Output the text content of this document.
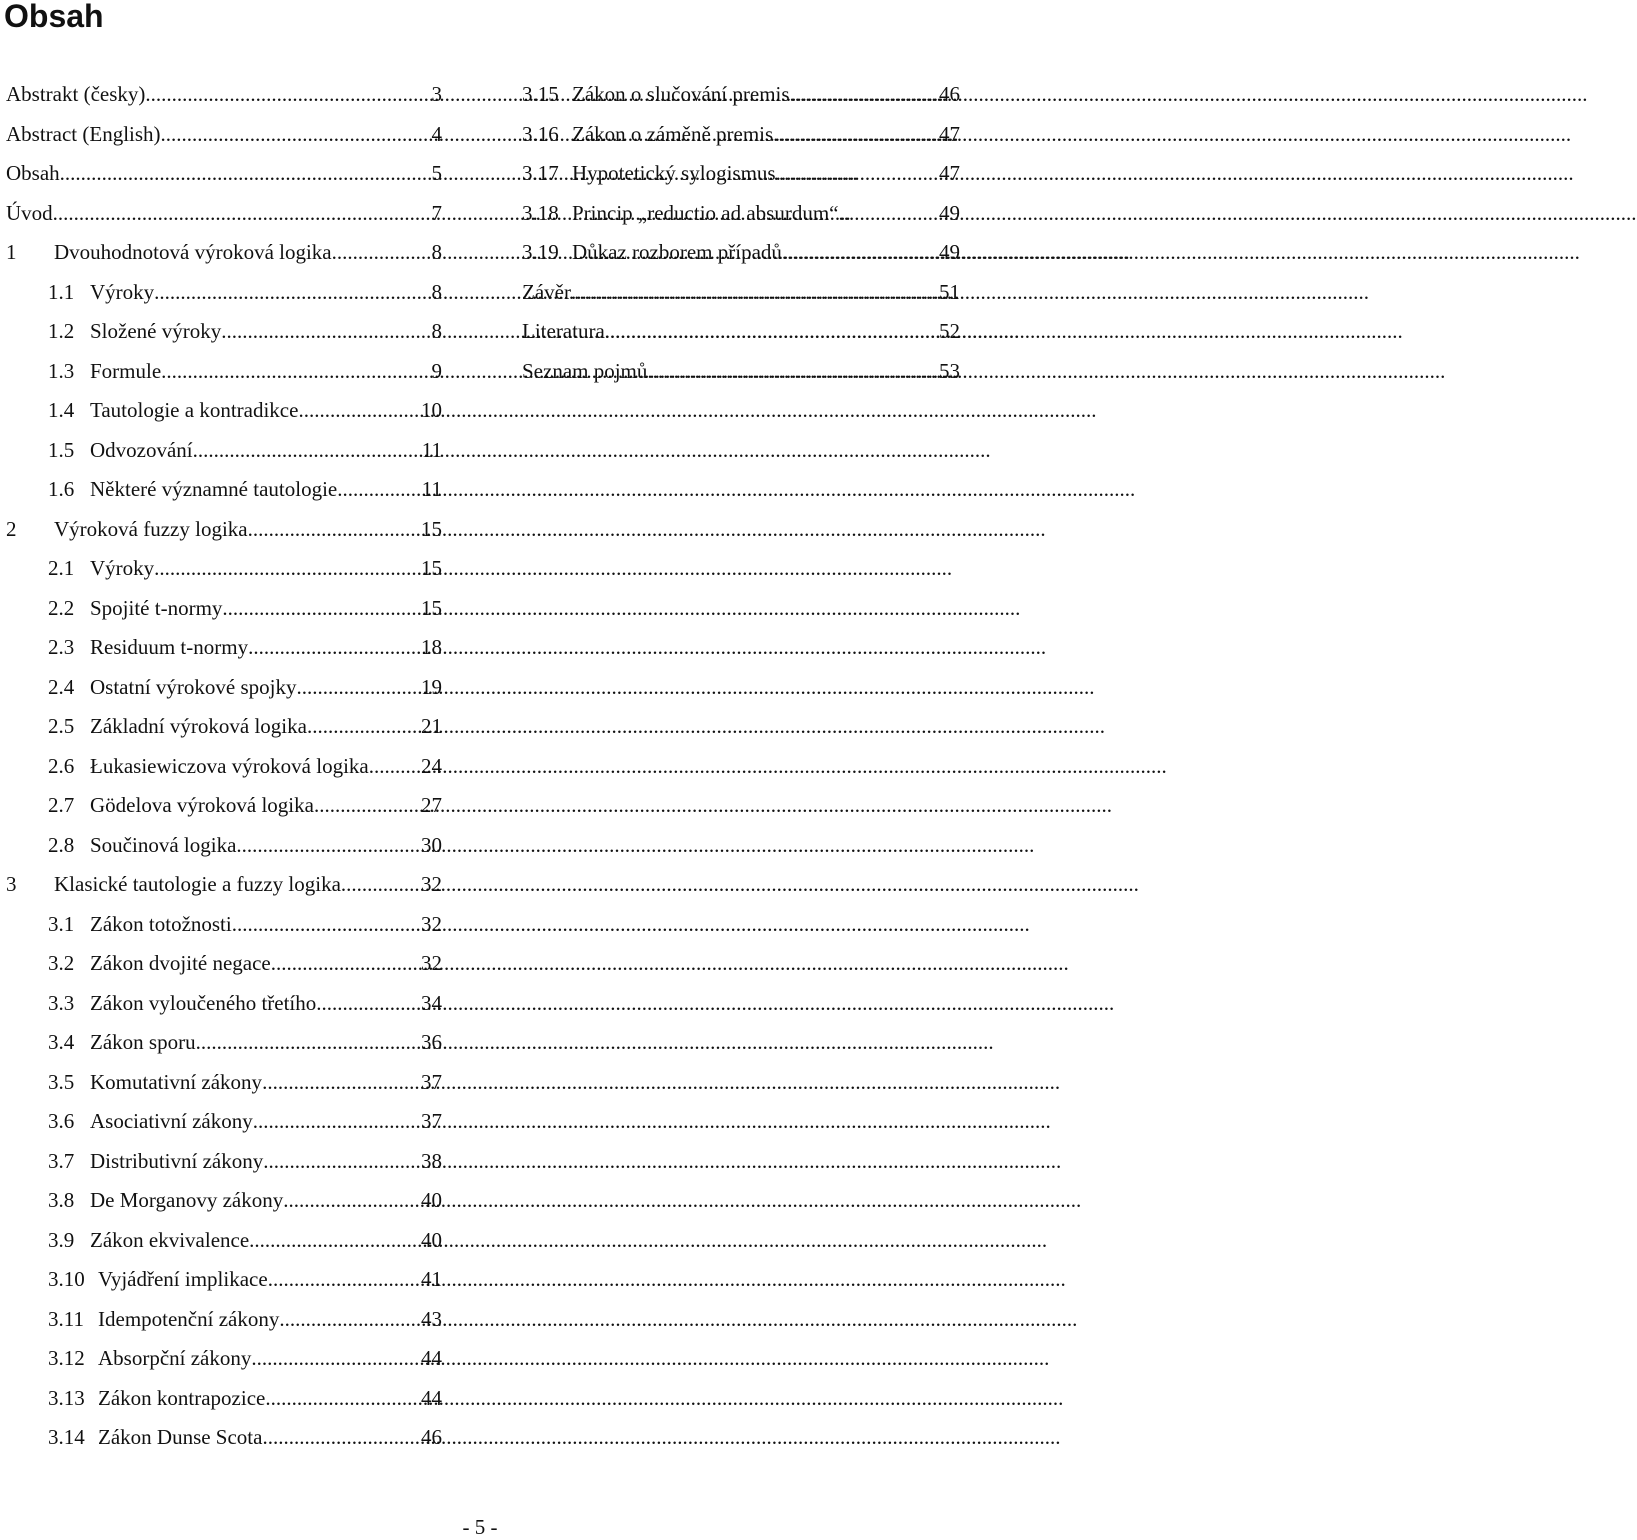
Obsah
Abstrakt (česky) .....	3
Abstract (English) .....	4
Obsah .....	5
Úvod .....	7
1	Dvouhodnotová výroková logika .....	8
1.1 Výroky .....	8
1.2 Složené výroky .....	8
1.3 Formule .....	9
1.4 Tautologie a kontradikce .....	10
1.5 Odvozování .....	11
1.6 Některé významné tautologie .....	11
2	Výroková fuzzy logika .....	15
2.1 Výroky .....	15
2.2 Spojité t-normy .....	15
2.3 Residuum t-normy .....	18
2.4 Ostatní výrokové spojky .....	19
2.5 Základní výroková logika .....	21
2.6 Łukasiewiczova výroková logika ..... 24
2.7 Gödelova výroková logika .....	27
2.8 Součinová logika .....	30
3	Klasické tautologie a fuzzy logika .....	32
3.1 Zákon totožnosti .....	32
3.2 Zákon dvojité negace .....	32
3.3 Zákon vyloučeného třetího .....	34
3.4 Zákon sporu .....	36
3.5 Komutativní zákony .....	37
3.6 Asociativní zákony .....	37
3.7 Distributivní zákony .....	38
3.8 De Morganovy zákony .....	40
3.9 Zákon ekvivalence .....	40
3.10 Vyjádření implikace .....	41
3.11 Idempotenční zákony .....	43
3.12 Absorpční zákony .....	44
3.13 Zákon kontrapozice .....	44
3.14 Zákon Dunse Scota .....	46
3.15 Zákon o slučování premis .....	46
3.16 Zákon o záměně premis .....	47
3.17 Hypotetický sylogismus .....	47
3.18 Princip „reductio ad absurdum“ .....	49
3.19 Důkaz rozborem případů .....	49
Závěr .....	51
Literatura .....	52
Seznam pojmů .....	53
- 5 -
